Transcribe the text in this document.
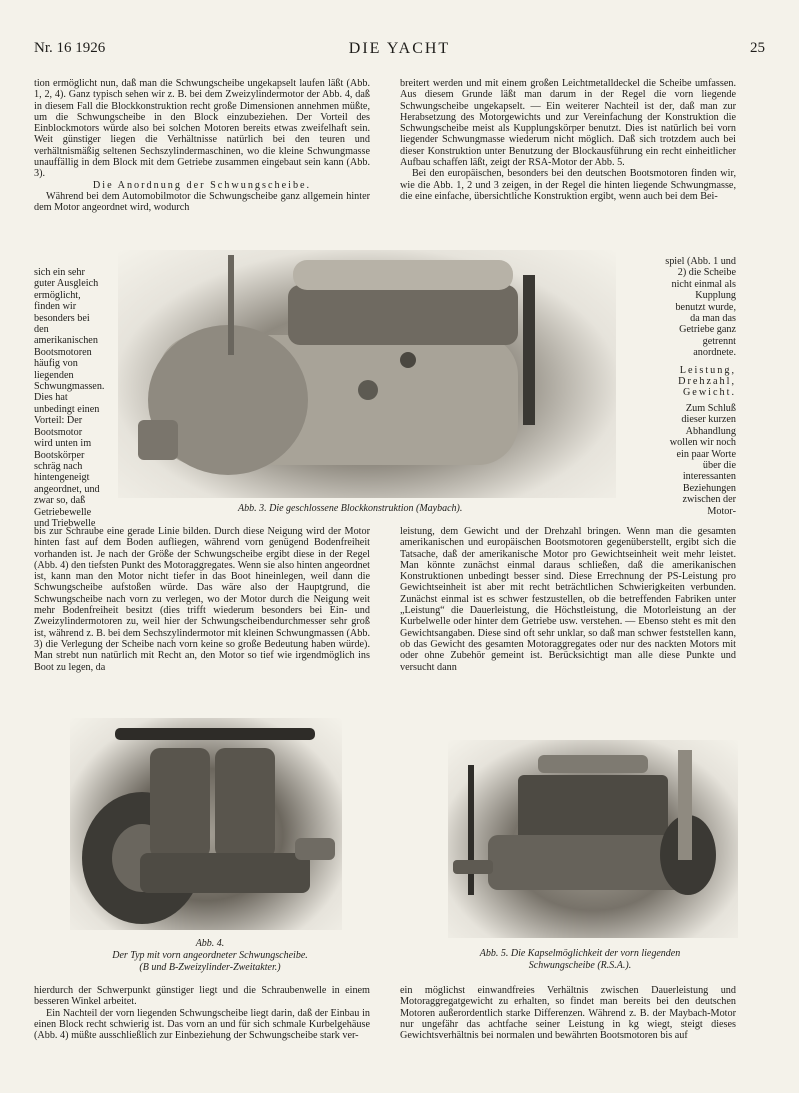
Nr. 16 1926	DIE YACHT	25

tion ermöglicht nun, daß man die Schwungscheibe ungekapselt laufen läßt (Abb. 1, 2, 4). Ganz typisch sehen wir z. B. bei dem Zweizylindermotor der Abb. 4, daß in diesem Fall die Blockkonstruktion recht große Dimensionen annehmen müßte, um die Schwungscheibe in den Block einzubeziehen. Der Vorteil des Einblockmotors würde also bei solchen Motoren bereits etwas zweifelhaft sein. Weit günstiger liegen die Verhältnisse natürlich bei den teuren und verhältnismäßig seltenen Sechszylindermaschinen, wo die kleine Schwungmasse unauffällig in dem Block mit dem Getriebe zusammen eingebaut sein kann (Abb. 3).

Die Anordnung der Schwungscheibe.

Während bei dem Automobilmotor die Schwungscheibe ganz allgemein hinter dem Motor angeordnet wird, wodurch

sich ein sehr guter Ausgleich ermöglicht, finden wir besonders bei den amerikanischen Bootsmotoren häufig von liegenden Schwungmassen. Dies hat unbedingt einen Vorteil: Der Bootsmotor wird unten im Bootskörper schräg nach hintengeneigt angeordnet, und zwar so, daß Getriebewelle und Triebwelle

Abb. 3. Die geschlossene Blockkonstruktion (Maybach).

breitert werden und mit einem großen Leichtmetalldeckel die Scheibe umfassen. Aus diesem Grunde läßt man darum in der Regel die vorn liegende Schwungscheibe ungekapselt. — Ein weiterer Nachteil ist der, daß man zur Herabsetzung des Motorgewichts und zur Vereinfachung der Konstruktion die Schwungscheibe meist als Kupplungskörper benutzt. Dies ist natürlich bei vorn liegender Schwungmasse wiederum nicht möglich. Daß sich trotzdem auch bei dieser Konstruktion unter Benutzung der Blockausführung ein recht einheitlicher Aufbau schaffen läßt, zeigt der RSA-Motor der Abb. 5.

Bei den europäischen, besonders bei den deutschen Bootsmotoren finden wir, wie die Abb. 1, 2 und 3 zeigen, in der Regel die hinten liegende Schwungmasse, die eine einfache, übersichtliche Konstruktion ergibt, wenn auch bei dem Bei-

spiel (Abb. 1 und 2) die Scheibe nicht einmal als Kupplung benutzt wurde, da man das Getriebe ganz getrennt anordnete.

Leistung, Drehzahl, Gewicht.

Zum Schluß dieser kurzen Abhandlung wollen wir noch ein paar Worte über die interessanten Beziehungen zwischen der Motor-

bis zur Schraube eine gerade Linie bilden. Durch diese Neigung wird der Motor hinten fast auf dem Boden aufliegen, während vorn genügend Bodenfreiheit vorhanden ist. Je nach der Größe der Schwungscheibe ergibt diese in der Regel (Abb. 4) den tiefsten Punkt des Motoraggregates. Wenn sie also hinten angeordnet ist, kann man den Motor nicht tiefer in das Boot hineinlegen, weil dann die Schwungscheibe aufstoßen würde. Das wäre also der Hauptgrund, die Schwungscheibe nach vorn zu verlegen, wo der Motor durch die Neigung weit mehr Bodenfreiheit besitzt (dies trifft wiederum besonders bei Ein- und Zweizylindermotoren zu, weil hier der Schwungscheibendurchmesser sehr groß ist, während z. B. bei dem Sechszylindermotor mit kleinen Schwungmassen (Abb. 3) die Verlegung der Scheibe nach vorn keine so große Bedeutung haben würde). Man strebt nun natürlich mit Recht an, den Motor so tief wie irgendmöglich ins Boot zu legen, da

leistung, dem Gewicht und der Drehzahl bringen. Wenn man die gesamten amerikanischen und europäischen Bootsmotoren gegenüberstellt, ergibt sich die Tatsache, daß der amerikanische Motor pro Gewichtseinheit weit mehr leistet. Man könnte zunächst einmal daraus schließen, daß die amerikanischen Konstruktionen unbedingt besser sind. Diese Errechnung der PS-Leistung pro Gewichtseinheit ist aber mit recht beträchtlichen Schwierigkeiten verbunden. Zunächst einmal ist es schwer festzustellen, ob die betreffenden Fabriken unter „Leistung“ die Dauerleistung, die Höchstleistung, die Motorleistung an der Kurbelwelle oder hinter dem Getriebe usw. verstehen. — Ebenso steht es mit den Gewichtsangaben. Diese sind oft sehr unklar, so daß man schwer feststellen kann, ob das Gewicht des gesamten Motoraggregates oder nur des nackten Motors mit oder ohne Zubehör gemeint ist. Berücksichtigt man alle diese Punkte und versucht dann

Abb. 4.
Der Typ mit vorn angeordneter Schwungscheibe.
(B und B-Zweizylinder-Zweitakter.)
Abb. 5. Die Kapselmöglichkeit der vorn liegenden
Schwungscheibe (R.S.A.).

hierdurch der Schwerpunkt günstiger liegt und die Schraubenwelle in einem besseren Winkel arbeitet.

Ein Nachteil der vorn liegenden Schwungscheibe liegt darin, daß der Einbau in einen Block recht schwierig ist. Das vorn an und für sich schmale Kurbelgehäuse (Abb. 4) müßte ausschließlich zur Einbeziehung der Schwungscheibe stark ver-

ein möglichst einwandfreies Verhältnis zwischen Dauerleistung und Motoraggregatgewicht zu erhalten, so findet man bereits bei den deutschen Motoren außerordentlich starke Differenzen. Während z. B. der Maybach-Motor nur ungefähr das achtfache seiner Leistung in kg wiegt, steigt dieses Gewichtsverhältnis bei normalen und bewährten Bootsmotoren bis auf
